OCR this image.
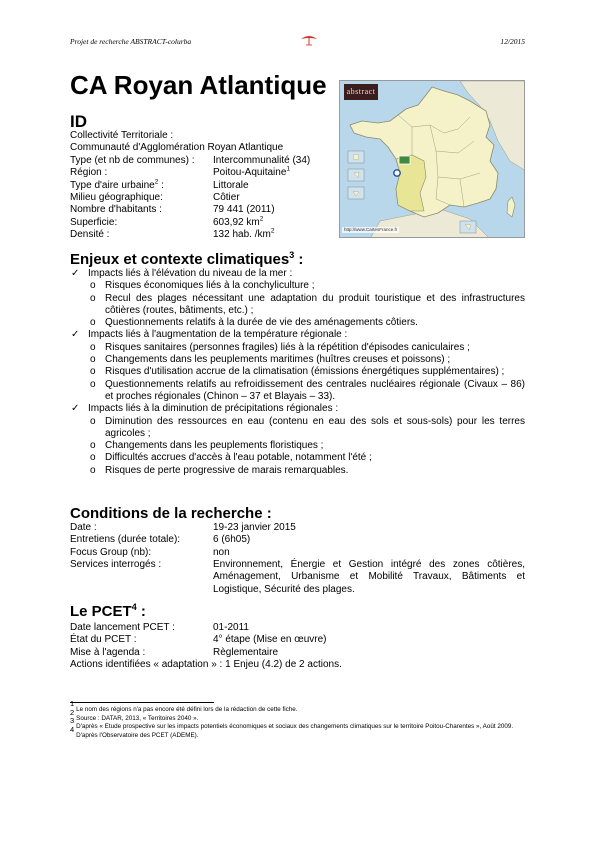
Projet de recherche ABSTRACT-colurba	12/2015
CA Royan Atlantique	abstract
http://www.CartesFrance.fr
ID
Collectivité Territoriale :
Communauté d'Agglomération Royan Atlantique
Type (et nb de communes) : Intercommunalité (34)
Région :	Poitou-Aquitaine$^1$
Type d'aire urbaine$^2$ :	Littorale
Milieu géographique:	Côtier
Nombre d'habitants :	79 441 (2011)
Superficie:	603,92 $km^2$
Densité :	132 hab. $/km^2$
Enjeux et contexte climatiques$^3$ :
✓ Impacts liés à l'élévation du niveau de la mer :
o Risques économiques liés à la conchyliculture ;
o Recul des plages nécessitant une adaptation du produit touristique et des infrastructures côtières (routes, bâtiments, etc.) ;
o Questionnements relatifs à la durée de vie des aménagements côtiers.
✓ Impacts liés à l'augmentation de la température régionale :
o Risques sanitaires (personnes fragiles) liés à la répétition d'épisodes caniculaires ;
o Changements dans les peuplements maritimes (huîtres creuses et poissons) ;
o Risques d'utilisation accrue de la climatisation (émissions énergétiques supplémentaires) ;
o Questionnements relatifs au refroidissement des centrales nucléaires régionale (Civaux – 86) et proches régionales (Chinon – 37 et Blayais – 33).
✓ Impacts liés à la diminution de précipitations régionales :
o Diminution des ressources en eau (contenu en eau des sols et sous-sols) pour les terres agricoles ;
o Changements dans les peuplements floristiques ;
o Difficultés accrues d'accès à l'eau potable, notamment l'été ;
o Risques de perte progressive de marais remarquables.
Conditions de la recherche :
Date :	19-23 janvier 2015
Entretiens (durée totale):	6 (6h05)
Focus Group (nb):	non
Services interrogés :	Environnement, Énergie et Gestion intégré des zones côtières, Aménagement, Urbanisme et Mobilité Travaux, Bâtiments et Logistique, Sécurité des plages.
Le PCET$^4$ :
Date lancement PCET :	01-2011
État du PCET :	4° étape (Mise en œuvre)
Mise à l'agenda :	Règlementaire
Actions identifiées « adaptation » : 1 Enjeu (4.2) de 2 actions.
$^1$Le nom des régions n'a pas encore été défini lors de la rédaction de cette fiche.
$^2$Source : DATAR, 2013, « Territoires 2040 ».
$^3$D'après « Etude prospective sur les impacts potentiels économiques et sociaux des changements climatiques sur le territoire Poitou-Charentes », Août 2009.
$^4$D'après l'Observatoire des PCET (ADEME).
